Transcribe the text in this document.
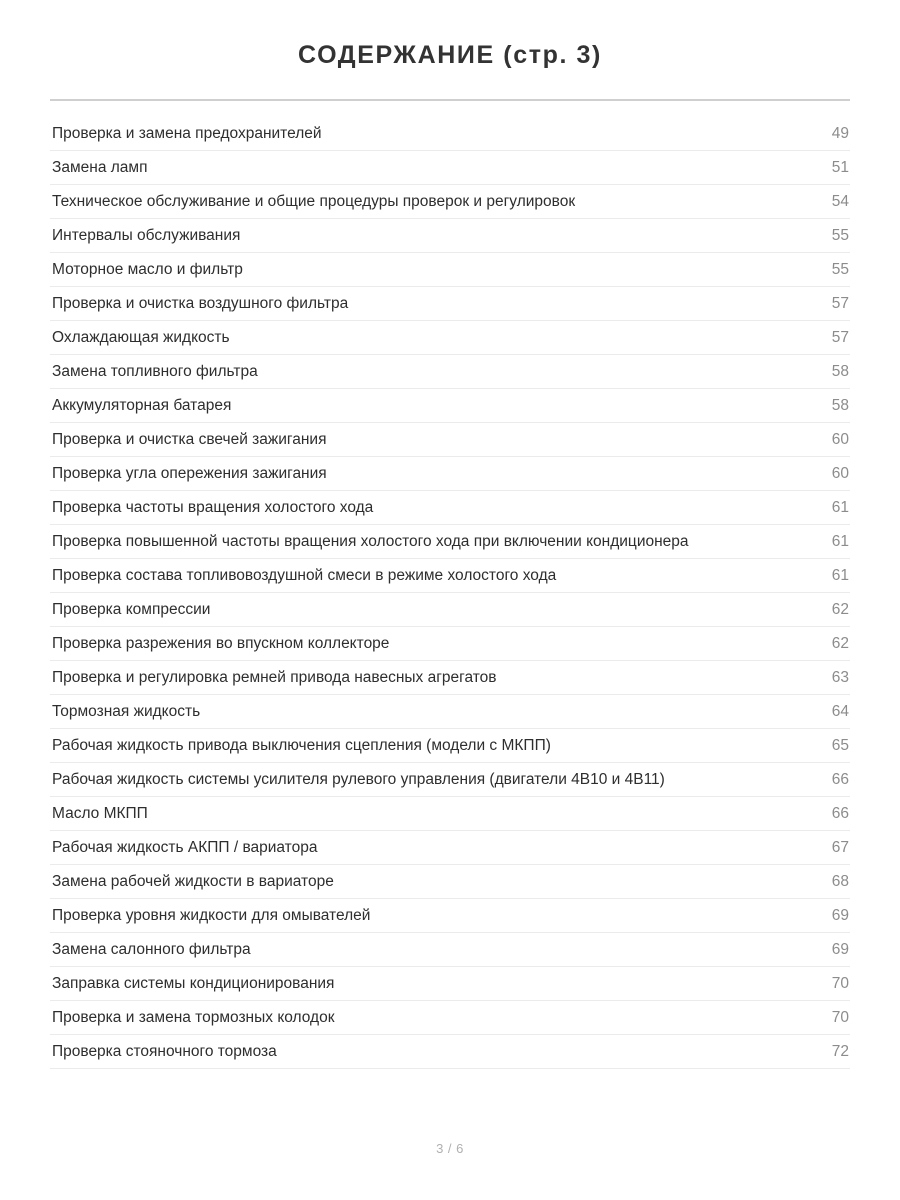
СОДЕРЖАНИЕ (стр. 3)
Проверка и замена предохранителей	49
Замена ламп	51
Техническое обслуживание и общие процедуры проверок и регулировок	54
Интервалы обслуживания	55
Моторное масло и фильтр	55
Проверка и очистка воздушного фильтра	57
Охлаждающая жидкость	57
Замена топливного фильтра	58
Аккумуляторная батарея	58
Проверка и очистка свечей зажигания	60
Проверка угла опережения зажигания	60
Проверка частоты вращения холостого хода	61
Проверка повышенной частоты вращения холостого хода при включении кондиционера	61
Проверка состава топливовоздушной смеси в режиме холостого хода	61
Проверка компрессии	62
Проверка разрежения во впускном коллекторе	62
Проверка и регулировка ремней привода навесных агрегатов	63
Тормозная жидкость	64
Рабочая жидкость привода выключения сцепления (модели с МКПП)	65
Рабочая жидкость системы усилителя рулевого управления (двигатели 4B10 и 4B11)	66
Масло МКПП	66
Рабочая жидкость АКПП / вариатора	67
Замена рабочей жидкости в вариаторе	68
Проверка уровня жидкости для омывателей	69
Замена салонного фильтра	69
Заправка системы кондиционирования	70
Проверка и замена тормозных колодок	70
Проверка стояночного тормоза	72
3 / 6
